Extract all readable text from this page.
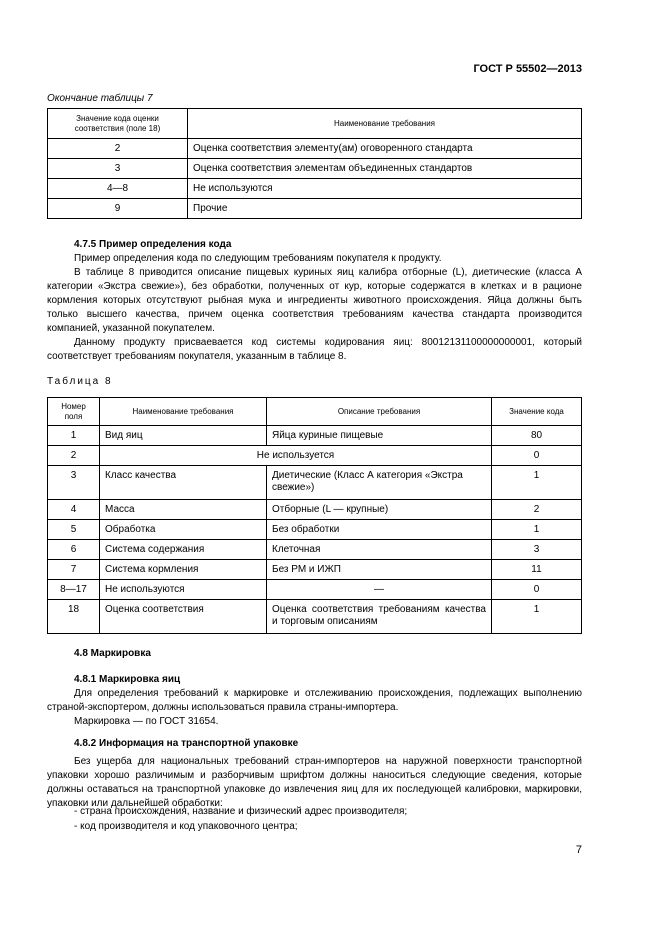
ГОСТ Р 55502—2013
Окончание таблицы 7
Значение кода оценки соответствия (поле 18)	Наименование требования
2	Оценка соответствия элементу(ам) оговоренного стандарта
3	Оценка соответствия элементам объединенных стандартов
4—8	Не используются
9	Прочие
4.7.5 Пример определения кода

Пример определения кода по следующим требованиям покупателя к продукту.

В таблице 8 приводится описание пищевых куриных яиц калибра отборные (L), диетические (класса А категории «Экстра свежие»), без обработки, полученных от кур, которые содержатся в клетках и в рационе кормления которых отсутствуют рыбная мука и ингредиенты животного происхождения. Яйца должны быть только высшего качества, причем оценка соответствия требованиям качества стандарта производится компанией, указанной покупателем.

Данному продукту присваевается код системы кодирования яиц: 80012131100000000001, который соответствует требованиям покупателя, указанным в таблице 8.

Таблица 8
Номер поля	Наименование требования	Описание требования	Значение кода
1	Вид яиц	Яйца куриные пищевые	80
2	Не используется		0
3	Класс качества	Диетические (Класс А категория «Экстра свежие»)	1
4	Масса	Отборные (L — крупные)	2
5	Обработка	Без обработки	1
6	Система содержания	Клеточная	3
7	Система кормления	Без РМ и ИЖП	11
8—17	Не используются	—	0
18	Оценка соответствия	Оценка соответствия требованиям качества и торговым описаниям	1
4.8 Маркировка
4.8.1 Маркировка яиц

Для определения требований к маркировке и отслеживанию происхождения, подлежащих выполнению страной-экспортером, должны использоваться правила страны-импортера.

Маркировка — по ГОСТ 31654.

4.8.2 Информация на транспортной упаковке

Без ущерба для национальных требований стран-импортеров на наружной поверхности транспортной упаковки хорошо различимым и разборчивым шрифтом должны наноситься следующие сведения, которые должны оставаться на транспортной упаковке до извлечения яиц для их последующей калибровки, маркировки, упаковки или дальнейшей обработки:

- страна происхождения, название и физический адрес производителя;
- код производителя и код упаковочного центра;
7
